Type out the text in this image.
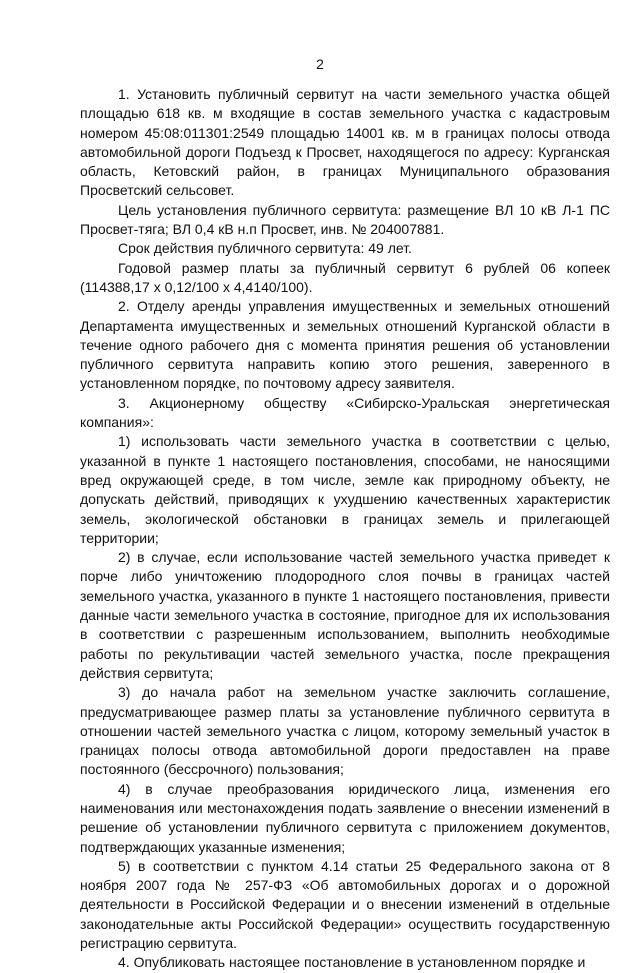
2

1. Установить публичный сервитут на части земельного участка общей площадью 618 кв. м входящие в состав земельного участка с кадастровым номером 45:08:011301:2549 площадью 14001 кв. м в границах полосы отвода автомобильной дороги Подъезд к Просвет, находящегося по адресу: Курганская область, Кетовский район, в границах Муниципального образования Просветский сельсовет.

Цель установления публичного сервитута: размещение ВЛ 10 кВ Л-1 ПС Просвет-тяга; ВЛ 0,4 кВ н.п Просвет, инв. № 204007881.

Срок действия публичного сервитута: 49 лет.

Годовой размер платы за публичный сервитут 6 рублей 06 копеек (114388,17 х 0,12/100 х 4,4140/100).

2. Отделу аренды управления имущественных и земельных отношений Департамента имущественных и земельных отношений Курганской области в течение одного рабочего дня с момента принятия решения об установлении публичного сервитута направить копию этого решения, заверенного в установленном порядке, по почтовому адресу заявителя.

3. Акционерному обществу «Сибирско-Уральская энергетическая компания»:

1) использовать части земельного участка в соответствии с целью, указанной в пункте 1 настоящего постановления, способами, не наносящими вред окружающей среде, в том числе, земле как природному объекту, не допускать действий, приводящих к ухудшению качественных характеристик земель, экологической обстановки в границах земель и прилегающей территории;

2) в случае, если использование частей земельного участка приведет к порче либо уничтожению плодородного слоя почвы в границах частей земельного участка, указанного в пункте 1 настоящего постановления, привести данные части земельного участка в состояние, пригодное для их использования в соответствии с разрешенным использованием, выполнить необходимые работы по рекультивации частей земельного участка, после прекращения действия сервитута;

3) до начала работ на земельном участке заключить соглашение, предусматривающее размер платы за установление публичного сервитута в отношении частей земельного участка с лицом, которому земельный участок в границах полосы отвода автомобильной дороги предоставлен на праве постоянного (бессрочного) пользования;

4) в случае преобразования юридического лица, изменения его наименования или местонахождения подать заявление о внесении изменений в решение об установлении публичного сервитута с приложением документов, подтверждающих указанные изменения;

5) в соответствии с пунктом 4.14 статьи 25 Федерального закона от 8 ноября 2007 года № 257-ФЗ «Об автомобильных дорогах и о дорожной деятельности в Российской Федерации и о внесении изменений в отдельные законодательные акты Российской Федерации» осуществить государственную регистрацию сервитута.

4. Опубликовать настоящее постановление в установленном порядке и
